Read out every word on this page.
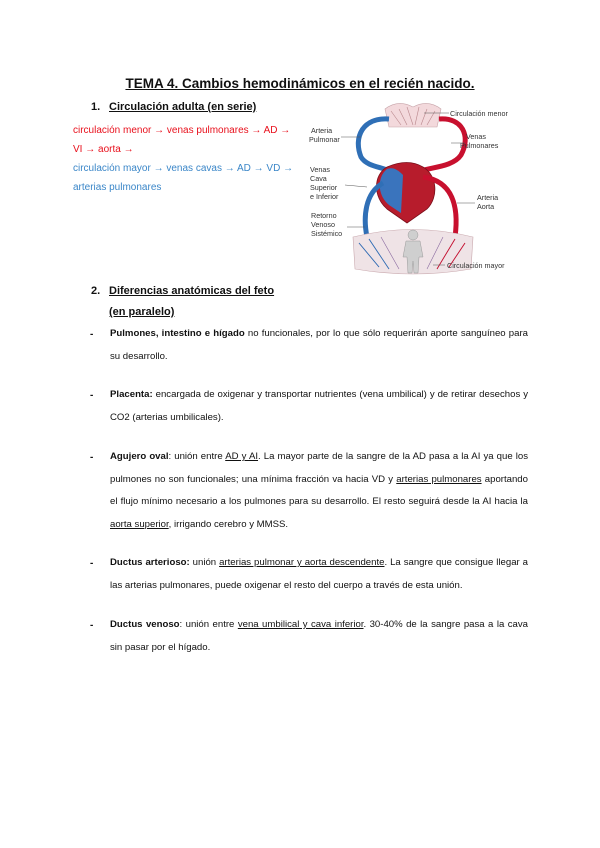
TEMA 4. Cambios hemodinámicos en el recién nacido.
1. Circulación adulta (en serie)
circulación menor → venas pulmonares → AD →
VI → aorta →
circulación mayor → venas cavas → AD → VD →
arterias pulmonares
Circulación menor
Arteria
Pulmonar	Venas
Pulmonares
Venas
Cava
Superior
e Inferior	Arteria
Aorta
Retorno
Venoso
Sistémico
Circulación mayor
2. Diferencias anatómicas del feto
(en paralelo)
- Pulmones, intestino e hígado no funcionales, por lo que sólo requerirán aporte sanguíneo para su desarrollo.
- Placenta: encargada de oxigenar y transportar nutrientes (vena umbilical) y de retirar desechos y CO2 (arterias umbilicales).
- Agujero oval: unión entre AD y AI. La mayor parte de la sangre de la AD pasa a la AI ya que los pulmones no son funcionales; una mínima fracción va hacia VD y arterias pulmonares aportando el flujo mínimo necesario a los pulmones para su desarrollo. El resto seguirá desde la AI hacia la aorta superior, irrigando cerebro y MMSS.
- Ductus arterioso: unión arterias pulmonar y aorta descendente. La sangre que consigue llegar a las arterias pulmonares, puede oxigenar el resto del cuerpo a través de esta unión.
- Ductus venoso: unión entre vena umbilical y cava inferior. 30-40% de la sangre pasa a la cava sin pasar por el hígado.
